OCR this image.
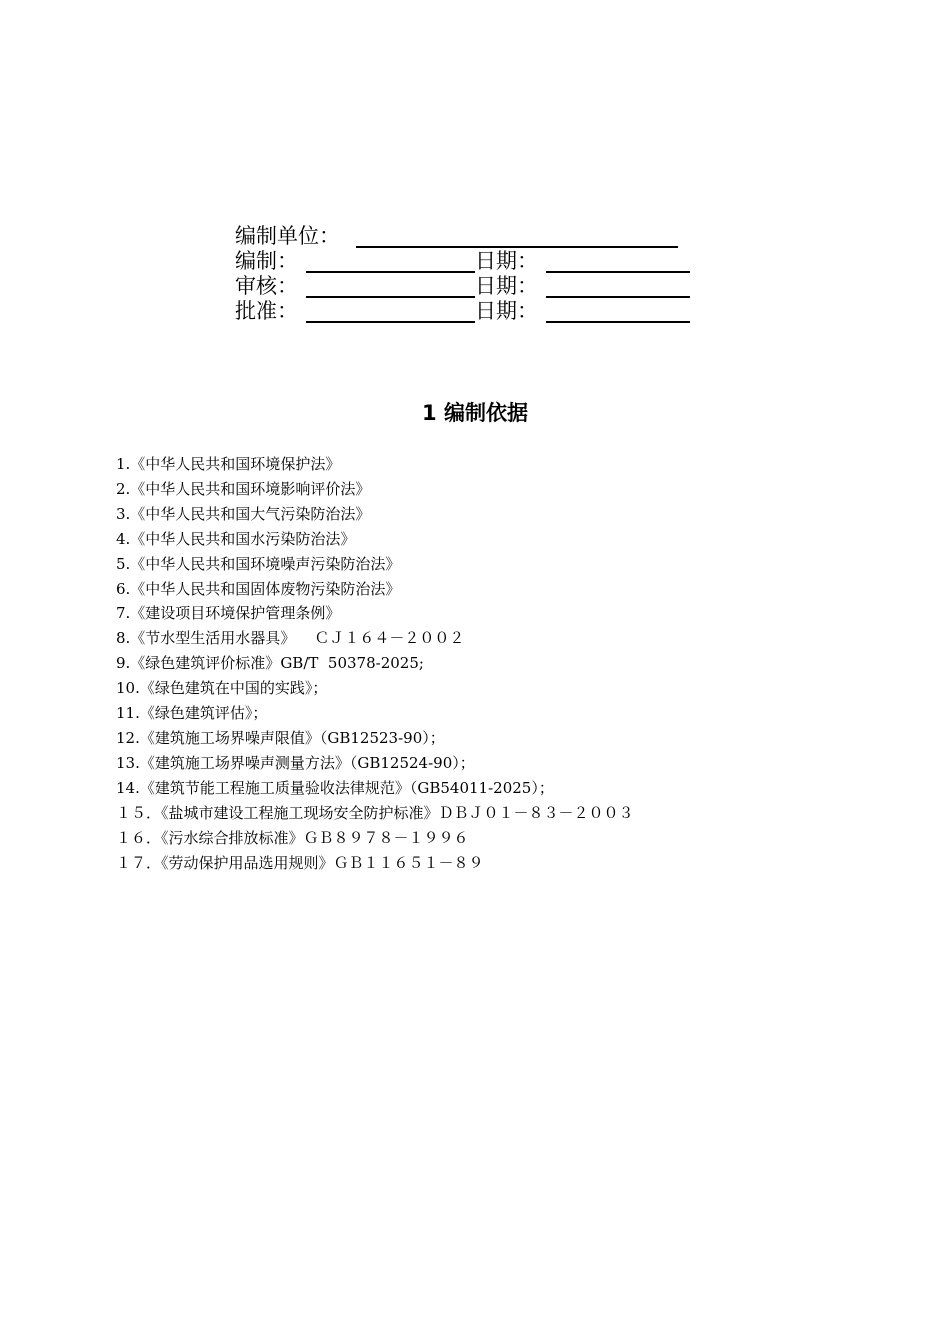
编制单位：
编制：	日期：
审核：	日期：
批准：	日期：
1 编制依据
1.《中华人民共和国环境保护法》
2.《中华人民共和国环境影响评价法》
3.《中华人民共和国大气污染防治法》
4.《中华人民共和国水污染防治法》
5.《中华人民共和国环境噪声污染防治法》
6.《中华人民共和国固体废物污染防治法》
7.《建设项目环境保护管理条例》
8.《节水型生活用水器具》    ＣＪ１６４－２００２
9.《绿色建筑评价标准》GB/T  50378-2025;
10.《绿色建筑在中国的实践》；
11.《绿色建筑评估》；
12.《建筑施工场界噪声限值》（GB12523-90）；
13.《建筑施工场界噪声测量方法》（GB12524-90）；
14.《建筑节能工程施工质量验收法律规范》（GB54011-2025）；
１５．《盐城市建设工程施工现场安全防护标准》ＤＢＪ０１－８３－２００３
１６．《污水综合排放标准》ＧＢ８９７８－１９９６
１７．《劳动保护用品选用规则》ＧＢ１１６５１－８９
